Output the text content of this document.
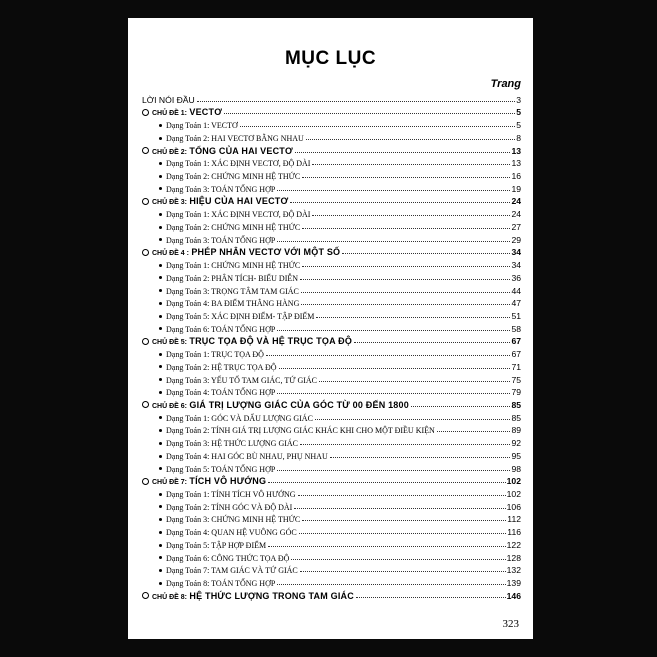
MỤC LỤC
Trang
LỜI NÓI ĐẦU	3
CHỦ ĐỀ 1: VECTƠ	5
Dạng Toán 1: VECTƠ	5
Dạng Toán 2: HAI VECTƠ BẰNG NHAU	8
CHỦ ĐỀ 2: TỔNG CỦA HAI VECTƠ	13
Dạng Toán 1: XÁC ĐỊNH VECTƠ, ĐỘ DÀI	13
Dạng Toán 2: CHỨNG MINH HỆ THỨC	16
Dạng Toán 3: TOÁN TỔNG HỢP	19
CHỦ ĐỀ 3: HIỆU CỦA HAI VECTƠ	24
Dạng Toán 1: XÁC ĐỊNH VECTƠ, ĐỘ DÀI	24
Dạng Toán 2: CHỨNG MINH HỆ THỨC	27
Dạng Toán 3: TOÁN TỔNG HỢP	29
CHỦ ĐỀ 4 : PHÉP NHÂN VECTƠ VỚI MỘT SỐ	34
Dạng Toán 1: CHỨNG MINH HỆ THỨC	34
Dạng Toán 2: PHÂN TÍCH- BIỂU DIỄN	36
Dạng Toán 3: TRỌNG TÂM TAM GIÁC	44
Dạng Toán 4: BA ĐIỂM THẲNG HÀNG	47
Dạng Toán 5: XÁC ĐỊNH ĐIỂM- TẬP ĐIỂM	51
Dạng Toán 6: TOÁN TỔNG HỢP	58
CHỦ ĐỀ 5: TRỤC TỌA ĐỘ VÀ HỆ TRỤC TỌA ĐỘ	67
Dạng Toán 1: TRỤC TỌA ĐỘ	67
Dạng Toán 2: HỆ TRỤC TỌA ĐỘ	71
Dạng Toán 3: YẾU TỐ TAM GIÁC, TỨ GIÁC	75
Dạng Toán 4: TOÁN TỔNG HỢP	79
CHỦ ĐỀ 6: GIÁ TRỊ LƯỢNG GIÁC CỦA GÓC TỪ 00 ĐẾN 1800	85
Dạng Toán 1: GÓC VÀ DẤU LƯỢNG GIÁC	85
Dạng Toán 2: TÍNH GIÁ TRỊ LƯỢNG GIÁC KHÁC KHI CHO MỘT ĐIỀU KIỆN	89
Dạng Toán 3: HỆ THỨC LƯỢNG GIÁC	92
Dạng Toán 4: HAI GÓC BÙ NHAU, PHỤ NHAU	95
Dạng Toán 5: TOÁN TỔNG HỢP	98
CHỦ ĐỀ 7: TÍCH VÔ HƯỚNG	102
Dạng Toán 1: TÍNH TÍCH VÔ HƯỚNG	102
Dạng Toán 2: TÍNH GÓC VÀ ĐỘ DÀI	106
Dạng Toán 3: CHỨNG MINH HỆ THỨC	112
Dạng Toán 4: QUAN HỆ VUÔNG GÓC	116
Dạng Toán 5: TẬP HỢP ĐIỂM	122
Dạng Toán 6: CÔNG THỨC TỌA ĐỘ	128
Dạng Toán 7: TAM GIÁC VÀ TỨ GIÁC	132
Dạng Toán 8: TOÁN TỔNG HỢP	139
CHỦ ĐỀ 8: HỆ THỨC LƯỢNG TRONG TAM GIÁC	146
323
